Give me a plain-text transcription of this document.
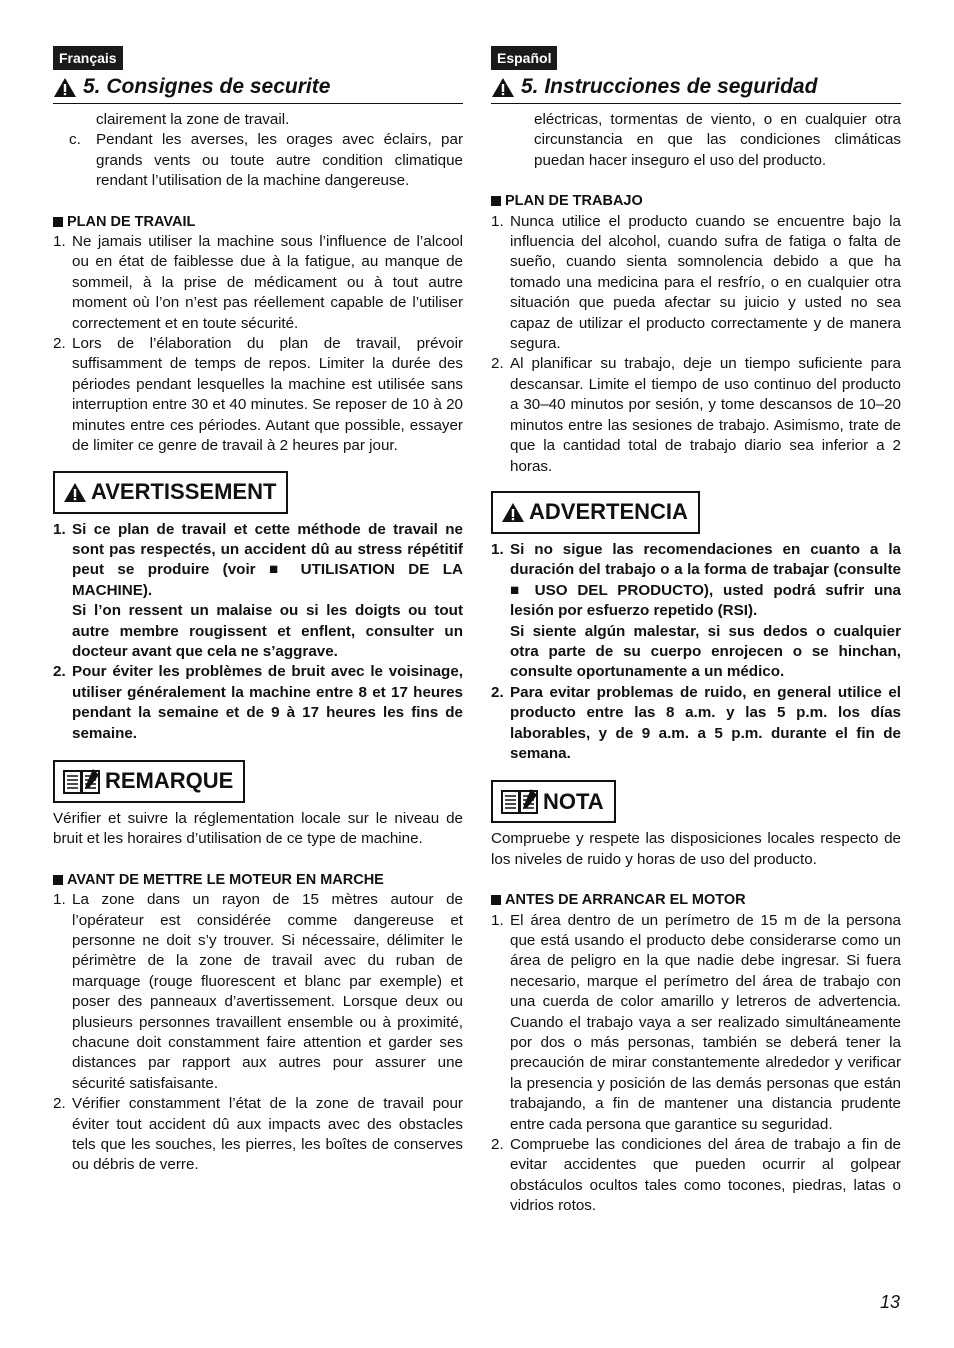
Français
5. Consignes de securite
clairement la zone de travail.
c. Pendant les averses, les orages avec éclairs, par grands vents ou toute autre condition climatique rendant l’utilisation de la machine dangereuse.
PLAN DE TRAVAIL
1. Ne jamais utiliser la machine sous l’influence de l’alcool ou en état de faiblesse due à la fatigue, au manque de sommeil, à la prise de médicament ou à tout autre moment où l’on n’est pas réellement capable de l’utiliser correctement et en toute sécurité.
2. Lors de l’élaboration du plan de travail, prévoir suffisamment de temps de repos. Limiter la durée des périodes pendant lesquelles la machine est utilisée sans interruption entre 30 et 40 minutes. Se reposer de 10 à 20 minutes entre ces périodes. Autant que possible, essayer de limiter ce genre de travail à 2 heures par jour.
AVERTISSEMENT
1. Si ce plan de travail et cette méthode de travail ne sont pas respectés, un accident dû au stress répétitif peut se produire (voir ■ UTILISATION DE LA MACHINE).
Si l’on ressent un malaise ou si les doigts ou tout autre membre rougissent et enflent, consulter un docteur avant que cela ne s’aggrave.
2. Pour éviter les problèmes de bruit avec le voisinage, utiliser généralement la machine entre 8 et 17 heures pendant la semaine et de 9 à 17 heures les fins de semaine.
REMARQUE
Vérifier et suivre la réglementation locale sur le niveau de bruit et les horaires d’utilisation de ce type de machine.
AVANT DE METTRE LE MOTEUR EN MARCHE
1. La zone dans un rayon de 15 mètres autour de l’opérateur est considérée comme dangereuse et personne ne doit s’y trouver. Si nécessaire, délimiter le périmètre de la zone de travail avec du ruban de marquage (rouge fluorescent et blanc par exemple) et poser des panneaux d’avertissement. Lorsque deux ou plusieurs personnes travaillent ensemble ou à proximité, chacune doit constamment faire attention et garder ses distances par rapport aux autres pour assurer une sécurité satisfaisante.
2. Vérifier constamment l’état de la zone de travail pour éviter tout accident dû aux impacts avec des obstacles tels que les souches, les pierres, les boîtes de conserves ou débris de verre.
Español
5. Instrucciones de seguridad
eléctricas, tormentas de viento, o en cualquier otra circunstancia en que las condiciones climáticas puedan hacer inseguro el uso del producto.
PLAN DE TRABAJO
1. Nunca utilice el producto cuando se encuentre bajo la influencia del alcohol, cuando sufra de fatiga o falta de sueño, cuando sienta somnolencia debido a que ha tomado una medicina para el resfrío, o en cualquier otra situación que pueda afectar su juicio y usted no sea capaz de utilizar el producto correctamente y de manera segura.
2. Al planificar su trabajo, deje un tiempo suficiente para descansar. Limite el tiempo de uso continuo del producto a 30–40 minutos por sesión, y tome descansos de 10–20 minutos entre las sesiones de trabajo. Asimismo, trate de que la cantidad total de trabajo diario sea inferior a 2 horas.
ADVERTENCIA
1. Si no sigue las recomendaciones en cuanto a la duración del trabajo o a la forma de trabajar (consulte ■ USO DEL PRODUCTO), usted podrá sufrir una lesión por esfuerzo repetido (RSI).
Si siente algún malestar, si sus dedos o cualquier otra parte de su cuerpo enrojecen o se hinchan, consulte oportunamente a un médico.
2. Para evitar problemas de ruido, en general utilice el producto entre las 8 a.m. y las 5 p.m. los días laborables, y de 9 a.m. a 5 p.m. durante el fin de semana.
NOTA
Compruebe y respete las disposiciones locales respecto de los niveles de ruido y horas de uso del producto.
ANTES DE ARRANCAR EL MOTOR
1. El área dentro de un perímetro de 15 m de la persona que está usando el producto debe considerarse como un área de peligro en la que nadie debe ingresar. Si fuera necesario, marque el perímetro del área de trabajo con una cuerda de color amarillo y letreros de advertencia. Cuando el trabajo vaya a ser realizado simultáneamente por dos o más personas, también se deberá tener la precaución de mirar constantemente alrededor y verificar la presencia y posición de las demás personas que están trabajando, a fin de mantener una distancia prudente entre cada persona que garantice su seguridad.
2. Compruebe las condiciones del área de trabajo a fin de evitar accidentes que pueden ocurrir al golpear obstáculos ocultos tales como tocones, piedras, latas o vidrios rotos.
13
